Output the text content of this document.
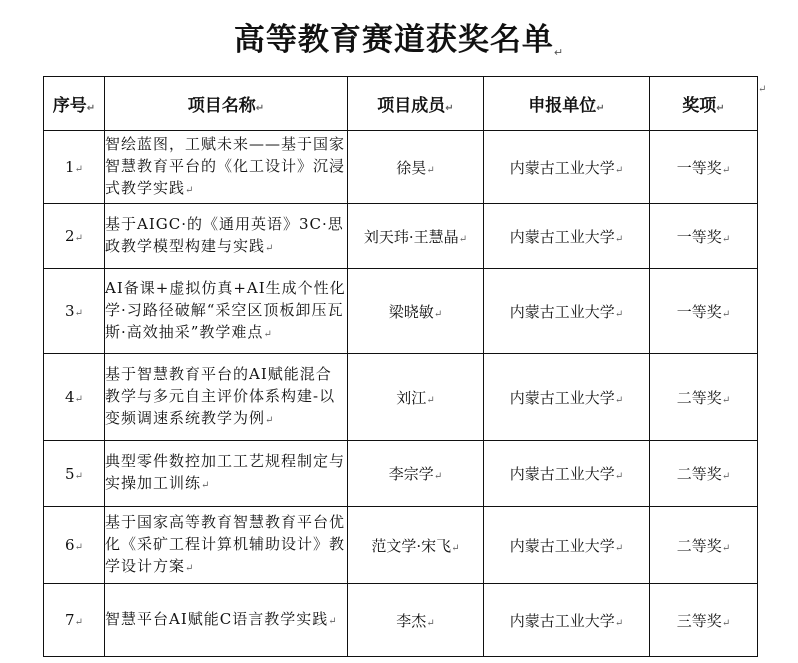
高等教育赛道获奖名单↵
序号↵	项目名称↵	项目成员↵	申报单位↵	奖项↵
1↵	智绘蓝图，工赋未来——基于国家智慧教育平台的《化工设计》沉浸式教学实践↵	徐昊↵	内蒙古工业大学↵	一等奖↵
2↵	基于AIGC·的《通用英语》3C·思政教学模型构建与实践↵	刘天玮·王慧晶↵	内蒙古工业大学↵	一等奖↵
3↵	AI备课+虚拟仿真+AI生成个性化学·习路径破解“采空区顶板卸压瓦斯·高效抽采”教学难点↵	梁晓敏↵	内蒙古工业大学↵	一等奖↵
4↵	基于智慧教育平台的AI赋能混合教学与多元自主评价体系构建-以变频调速系统教学为例↵	刘江↵	内蒙古工业大学↵	二等奖↵
5↵	典型零件数控加工工艺规程制定与实操加工训练↵	李宗学↵	内蒙古工业大学↵	二等奖↵
6↵	基于国家高等教育智慧教育平台优化《采矿工程计算机辅助设计》教学设计方案↵	范文学·宋飞↵	内蒙古工业大学↵	二等奖↵
7↵	智慧平台AI赋能C语言教学实践↵	李杰↵	内蒙古工业大学↵	三等奖↵
↵
